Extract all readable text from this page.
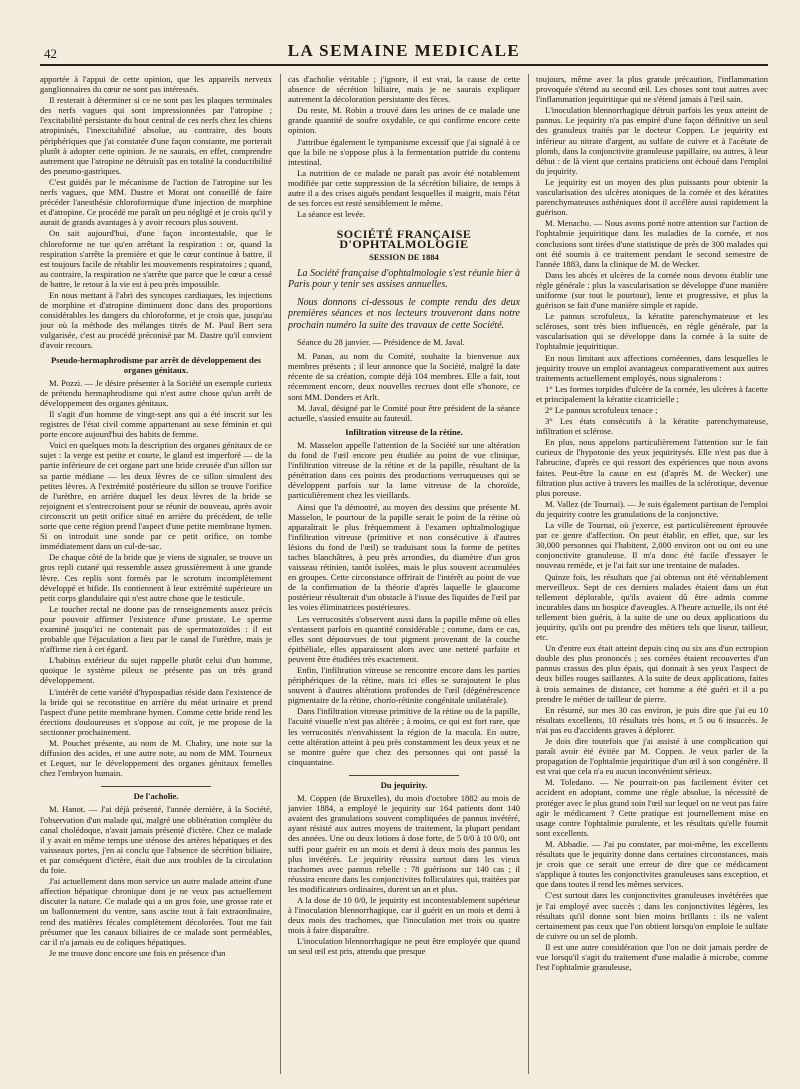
42	LA SEMAINE MEDICALE

apportée à l'appui de cette opinion, que les appareils nerveux ganglionnaires du cœur ne sont pas intéressés.

Il resterait à déterminer si ce ne sont pas les plaques terminales des nerfs vagues qui sont impressionnées par l'atropine ; l'excitabilité persistante du bout central de ces nerfs chez les chiens atropinisés, l'inexcitabilité absolue, au contraire, des bouts périphériques que j'ai constatée d'une façon constante, me porterait plutôt à adopter cette opinion. Je ne saurais, en effet, comprendre autrement que l'atropine ne détruisît pas en totalité la conductibilité des pneumo-gastriques.

C'est guidés par le mécanisme de l'action de l'atropine sur les nerfs vagues, que MM. Dastre et Morat ont conseillé de faire précéder l'anesthésie chloroformique d'une injection de morphine et d'atropine. Ce procédé me paraît un peu négligé et je crois qu'il y aurait de grands avantages à y avoir recours plus souvent.

On sait aujourd'hui, d'une façon incontestable, que le chloroforme ne tue qu'en arrêtant la respiration : or, quand la respiration s'arrête la première et que le cœur continue à battre, il est toujours facile de rétablir les mouvements respiratoires ; quand, au contraire, la respiration ne s'arrête que parce que le cœur a cessé de battre, le retour à la vie est à peu près impossible.

En nous mettant à l'abri des syncopes cardiaques, les injections de morphine et d'atropine diminuent donc dans des proportions considérables les dangers du chloroforme, et je crois que, jusqu'au jour où la méthode des mélanges titrés de M. Paul Bert sera vulgarisée, c'est au procédé préconisé par M. Dastre qu'il convient d'avoir recours.

Pseudo-hermaphrodisme par arrêt de développement des organes génitaux.

M. Pozzi. — Je désire présenter à la Société un exemple curieux de prétendu hermaphrodisme qui n'est autre chose qu'un arrêt de développement des organes génitaux.

Il s'agit d'un homme de vingt-sept ans qui a été inscrit sur les registres de l'état civil comme appartenant au sexe féminin et qui porte encore aujourd'hui des habits de femme.

Voici en quelques mots la description des organes génitaux de ce sujet : la verge est petite et courte, le gland est imperforé — de la partie inférieure de cet organe part une bride creusée d'un sillon sur sa partie médiane — les deux lèvres de ce sillon simulent des petites lèvres. A l'extrémité postérieure du sillon se trouve l'orifice de l'urèthre, en arrière duquel les deux lèvres de la bride se rejoignent et s'entrecroisent pour se réunir de nouveau, après avoir circonscrit un petit orifice situé en arrière du précédent, de telle sorte que cette région prend l'aspect d'une petite membrane hymen. Si on introduit une sonde par ce petit orifice, on tombe immédiatement dans un cul-de-sac.

De chaque côté de la bride que je viens de signaler, se trouve un gros repli cutané qui ressemble assez grossièrement à une grande lèvre. Ces replis sont formés par le scrotum incomplètement développé et bifide. Ils contiennent à leur extrémité supérieure un petit corps glandulaire qui n'est autre chose que le testicule.

Le toucher rectal ne donne pas de renseignements assez précis pour pouvoir affirmer l'existence d'une prostate. Le sperme examiné jusqu'ici ne contenait pas de spermatozoïdes : il est probable que l'éjaculation a lieu par le canal de l'urèthre, mais je n'affirme rien à cet égard.

L'habitus extérieur du sujet rappelle plutôt celui d'un homme, quoique le système pileux ne présente pas un très grand développement.

L'intérêt de cette variété d'hypospadias réside dans l'existence de la bride qui se reconstitue en arrière du méat urinaire et prend l'aspect d'une petite membrane hymen. Comme cette bride rend les érections douloureuses et s'oppose au coït, je me propose de la sectionner prochainement.

M. Pouchet présente, au nom de M. Chabry, une note sur la diffusion des acides, et une autre note, au nom de MM. Tourneux et Lequet, sur le développement des organes génitaux femelles chez l'embryon humain.

De l'acholie.

M. Hanot. — J'ai déjà présenté, l'année dernière, à la Société, l'observation d'un malade qui, malgré une oblitération complète du canal cholédoque, n'avait jamais présenté d'ictère. Chez ce malade il y avait en même temps une sténose des artères hépatiques et des vaisseaux portes, j'en ai conclu que l'absence de sécrétion biliaire, et par conséquent d'ictère, était due aux troubles de la circulation du foie.

J'ai actuellement dans mon service un autre malade atteint d'une affection hépatique chronique dont je ne veux pas actuellement discuter la nature. Ce malade qui a un gros foie, une grosse rate et un ballonnement du ventre, sans ascite tout à fait extraordinaire, rend des matières fécales complètement décolorées. Tout me fait présumer que les canaux biliaires de ce malade sont perméables, car il n'a jamais eu de coliques hépatiques.

Je me trouve donc encore une fois en présence d'un

cas d'acholie véritable ; j'ignore, il est vrai, la cause de cette absence de sécrétion biliaire, mais je ne saurais expliquer autrement la décoloration persistante des fèces.

Du reste, M. Robin a trouvé dans les urines de ce malade une grande quantité de soufre oxydable, ce qui confirme encore cette opinion.

J'attribue également le tympanisme excessif que j'ai signalé à ce que la bile ne s'oppose plus à la fermentation putride du contenu intestinal.

La nutrition de ce malade ne paraît pas avoir été notablement modifiée par cette suppression de la sécrétion biliaire, de temps à autre il a des crises aiguës pendant lesquelles il maigrit, mais l'état de ses forces est resté sensiblement le même.

La séance est levée.

SOCIÉTÉ FRANÇAISE D'OPHTALMOLOGIE
SESSION DE 1884

La Société française d'ophtalmologie s'est réunie hier à Paris pour y tenir ses assises annuelles.

Nous donnons ci-dessous le compte rendu des deux premières séances et nos lecteurs trouveront dans notre prochain numéro la suite des travaux de cette Société.

Séance du 28 janvier. — Présidence de M. Javal.

M. Panas, au nom du Comité, souhaite la bienvenue aux membres présents ; il leur annonce que la Société, malgré la date récente de sa création, compte déjà 104 membres. Elle a fait, tout récemment encore, deux nouvelles recrues dont elle s'honore, ce sont MM. Donders et Arlt.

M. Javal, désigné par le Comité pour être président de la séance actuelle, s'assied ensuite au fauteuil.

Infiltration vitreuse de la rétine.

M. Masselon appelle l'attention de la Société sur une altération du fond de l'œil encore peu étudiée au point de vue clinique, l'infiltration vitreuse de la rétine et de la papille, résultant de la pénétration dans ces points des productions verruqueuses qui se développent parfois sur la lame vitreuse de la choroïde, particulièrement chez les vieillards.

Ainsi que l'a démontré, au moyen des dessins que présente M. Masselon, le pourtour de la papille serait le point de la rétine où apparaîtrait le plus fréquemment à l'examen ophtalmologique l'infiltration vitreuse (primitive et non consécutive à d'autres lésions du fond de l'œil) se traduisant sous la forme de petites taches blanchâtres, à peu près arrondies, du diamètre d'un gros vaisseau rétinien, tantôt isolées, mais le plus souvent accumulées en groupes. Cette circonstance offrirait de l'intérêt au point de vue de la confirmation de la théorie d'après laquelle le glaucome postérieur résulterait d'un obstacle à l'issue des liquides de l'œil par les voies éliminatrices postérieures.

Les verrucosités s'observent aussi dans la papille même où elles s'entassent parfois en quantité considérable ; comme, dans ce cas, elles sont dépourvues de tout pigment provenant de la couche épithéliale, elles apparaissent alors avec une netteté parfaite et peuvent être étudiées très exactement.

Enfin, l'infiltration vitreuse se rencontre encore dans les parties périphériques de la rétine, mais ici elles se surajoutent le plus souvent à d'autres altérations profondes de l'œil (dégénérescence pigmentaire de la rétine, chorio-rétinite congénitale unilatérale).

Dans l'infiltration vitreuse primitive de la rétine ou de la papille, l'acuité visuelle n'est pas altérée ; à moins, ce qui est fort rare, que les verrucosités n'envahissent la région de la macula. En outre, cette altération atteint à peu près constamment les deux yeux et ne se montre guère que chez des personnes qui ont passé la cinquantaine.

Du jequirity.

M. Coppen (de Bruxelles), du mois d'octobre 1882 au mois de janvier 1884, a employé le jequirity sur 164 patients dont 140 avaient des granulations souvent compliquées de pannus invétéré, ayant résisté aux autres moyens de traitement, la plupart pendant des années. Une ou deux lotions à dose forte, de 5 0/0 à 10 0/0, ont suffi pour guérir en un mois et demi à deux mois des pannus les plus invétérés. Le jequirity réussira surtout dans les vieux trachomes avec pannus rebelle : 78 guérisons sur 140 cas ; il réussira encore dans les conjonctivites folliculaires qui, traitées par les modificateurs ordinaires, durent un an et plus.

A la dose de 10 0/0, le jequirity est incontestablement supérieur à l'inoculation blennorrhagique, car il guérit en un mois et demi à deux mois des trachomes, que l'inoculation met trois ou quatre mois à faire disparaître.

L'inoculation blennorrhagique ne peut être employée que quand un seul œil est pris, attendu que presque

toujours, même avec la plus grande précaution, l'inflammation provoquée s'étend au second œil. Les choses sont tout autres avec l'inflammation jequiritique qui ne s'étend jamais à l'œil sain.

L'inoculation blennorrhagique détruit parfois les yeux atteint de pannus. Le jequirity n'a pas empiré d'une façon définitive un seul des granuleux traités par le docteur Coppen. Le jequirity est inférieur au nitrate d'argent, au sulfate de cuivre et à l'acétate de plomb, dans la conjonctivite granuleuse papillaire, ou autres, à leur début : de là vient que certains praticiens ont échoué dans l'emploi du jequirity.

Le jequirity est un moyen des plus puissants pour obtenir la vascularisation des ulcères atoniques de la cornée et des kératites parenchymateuses asthéniques dont il accélère aussi rapidement la guérison.

M. Menacho. — Nous avons porté notre attention sur l'action de l'ophtalmie jequiritique dans les maladies de la cornée, et nos conclusions sont tirées d'une statistique de près de 300 malades qui ont été soumis à ce traitement pendant le second semestre de l'année 1883, dans la clinique de M. de Wecker.

Dans les abcès et ulcères de la cornée nous devons établir une règle générale : plus la vascularisation se développe d'une manière uniforme (sur tout le pourtour), lente et progressive, et plus la guérison se fait d'une manière simple et rapide.

Le pannus scrofuleux, la kératite parenchymateuse et les scléroses, sont très bien influencés, en règle générale, par la vascularisation qui se développe dans la cornée à la suite de l'ophtalmie jequiritique.

En nous limitant aux affections cornéennes, dans lesquelles le jequirity trouve un emploi avantageux comparativement aux autres traitements actuellement employés, nous signalerons :

1° Les formes torpides d'ulcère de la cornée, les ulcères à facette et principalement la kératite cicatricielle ;

2° Le pannus scrofuleux tenace ;

3° Les états consécutifs à la kératite parenchymateuse, infiltration et sclérose.

En plus, nous appelons particulièrement l'attention sur le fait curieux de l'hypotonie des yeux jequiritysés. Elle n'est pas due à l'abrucine, d'après ce qui ressort des expériences que nous avons faites. Peut-être la cause en est (d'après M. de Wecker) une filtration plus active à travers les mailles de la sclérotique, devenue plus poreuse.

M. Vallez (de Tournai). — Je suis également partisan de l'emploi du jequirity contre les granulations de la conjonctive.

La ville de Tournai, où j'exerce, est particulièrement éprouvée par ce genre d'affection. On peut établir, en effet, que, sur les 30,000 personnes qui l'habitent, 2,000 environ ont ou ont eu une conjonctivite granuleuse. Il m'a donc été facile d'essayer le nouveau remède, et je l'ai fait sur une trentaine de malades.

Quinze fois, les résultats que j'ai obtenus ont été véritablement merveilleux. Sept de ces derniers malades étaient dans un état tellement déplorable, qu'ils avaient dû être admis comme incurables dans un hospice d'aveugles. A l'heure actuelle, ils ont été tellement bien guéris, à la suite de une ou deux applications du jequirity, qu'ils ont pu prendre des métiers tels que liseur, tailleur, etc.

Un d'entre eux était atteint depuis cinq ou six ans d'un ectropion double des plus prononcés ; ses cornées étaient recouvertes d'un pannus crassus des plus épais, qui donnait à ses yeux l'aspect de deux billes rouges saillantes. A la suite de deux applications, faites à trois semaines de distance, cet homme a été guéri et il a pu prendre le métier de tailleur de pierre.

En résumé, sur mes 30 cas environ, je puis dire que j'ai eu 10 résultats excellents, 10 résultats très bons, et 5 ou 6 insuccès. Je n'ai pas eu d'accidents graves à déplorer.

Je dois dire toutefois que j'ai assisté à une complication qui paraît avoir été évitée par M. Coppen. Je veux parler de la propagation de l'ophtalmie jequiritique d'un œil à son congénère. Il est vrai que cela n'a eu aucun inconvénient sérieux.

M. Toledano. — Ne pourrait-on pas facilement éviter cet accident en adoptant, comme une règle absolue, la nécessité de protéger avec le plus grand soin l'œil sur lequel on ne veut pas faire agir le médicament ? Cette pratique est journellement mise en usage contre l'ophtalmie purulente, et les résultats qu'elle fournit sont excellents.

M. Abbadie. — J'ai pu constater, par moi-même, les excellents résultats que le jequirity donne dans certaines circonstances, mais je crois que ce serait une erreur de dire que ce médicament s'applique à toutes les conjonctivites granuleuses sans exception, et que dans toutes il rend les mêmes services.

C'est surtout dans les conjonctivites granuleuses invétérées que je l'ai employé avec succès ; dans les conjonctivites légères, les résultats qu'il donne sont bien moins brillants : ils ne valent certainement pas ceux que l'on obtient lorsqu'on emploie le sulfate de cuivre ou un sel de plomb.

Il est une autre considération que l'on ne doit jamais perdre de vue lorsqu'il s'agit du traitement d'une maladie à microbe, comme l'est l'ophtalmie granuleuse,
